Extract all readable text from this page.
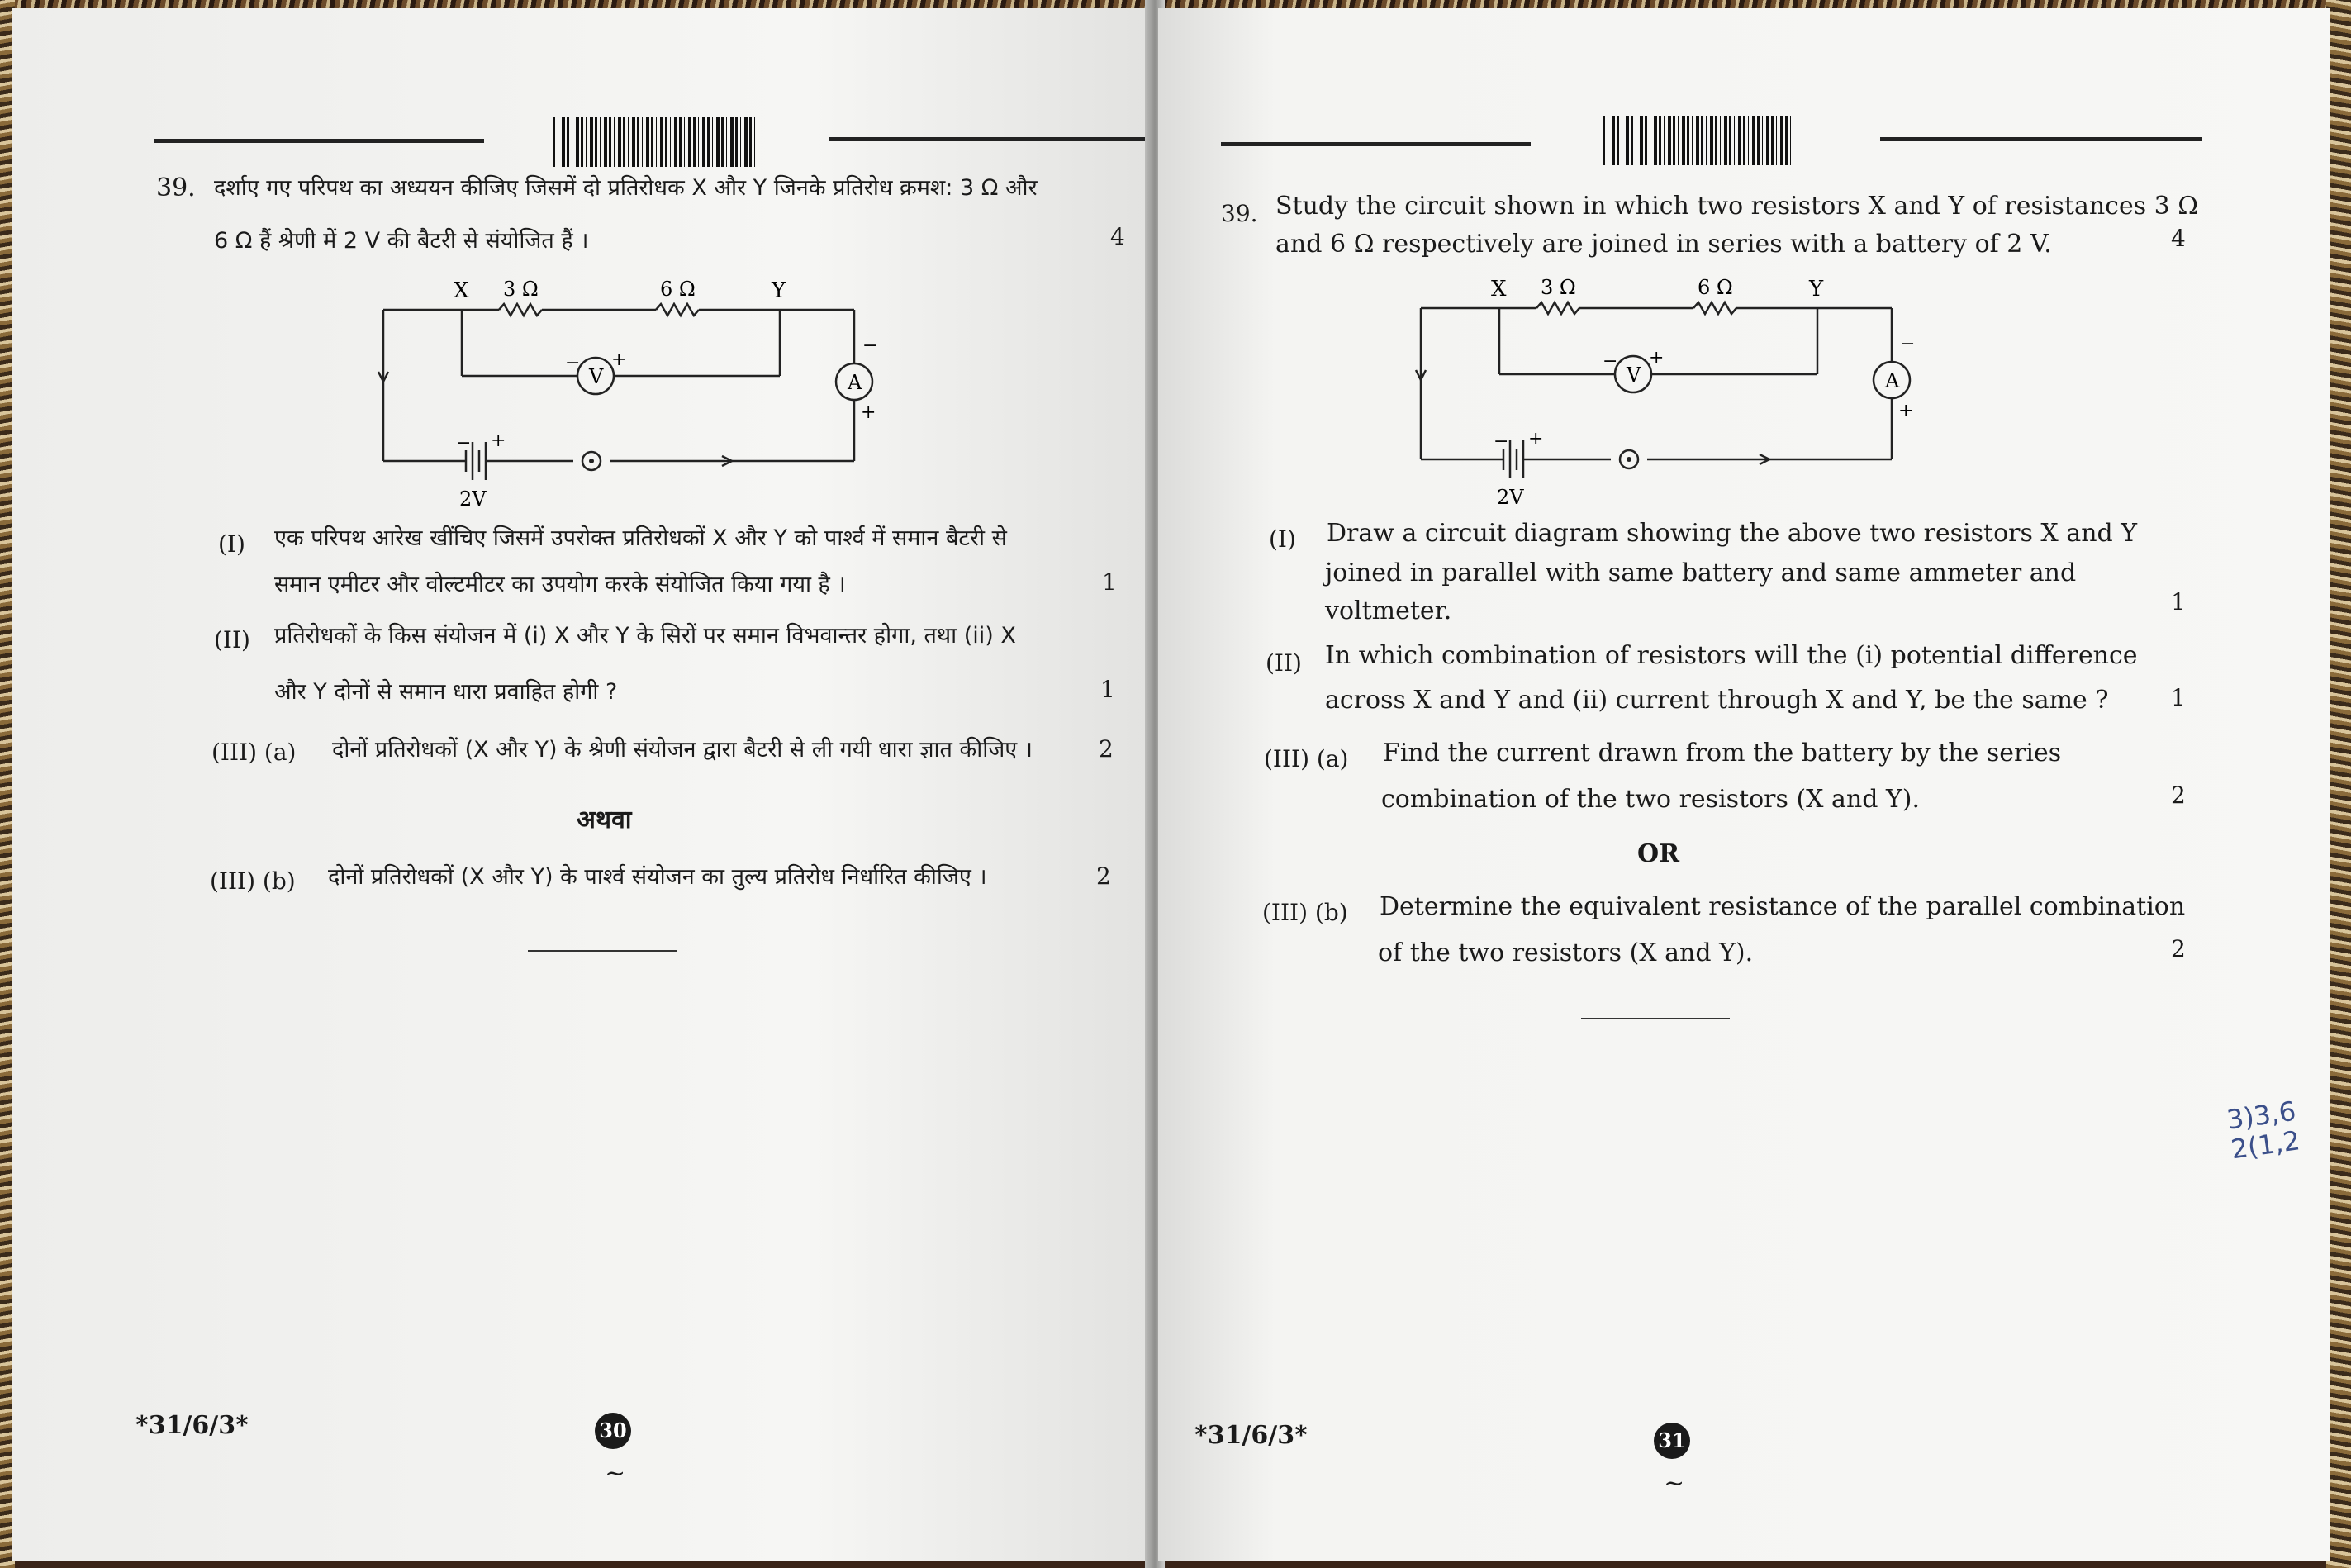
39. दर्शाए गए परिपथ का अध्ययन कीजिए जिसमें दो प्रतिरोधक X और Y जिनके प्रतिरोध क्रमश: 3 Ω और
6 Ω हैं श्रेणी में 2 V की बैटरी से संयोजित हैं ।	4
X	Y
3 Ω	6 Ω
V	A
− +
−
+
− +
2V
(I) एक परिपथ आरेख खींचिए जिसमें उपरोक्त प्रतिरोधकों X और Y को पार्श्व में समान बैटरी से
समान एमीटर और वोल्टमीटर का उपयोग करके संयोजित किया गया है ।	1
(II) प्रतिरोधकों के किस संयोजन में (i) X और Y के सिरों पर समान विभवान्तर होगा, तथा (ii) X
और Y दोनों से समान धारा प्रवाहित होगी ?	1
(III) (a) दोनों प्रतिरोधकों (X और Y) के श्रेणी संयोजन द्वारा बैटरी से ली गयी धारा ज्ञात कीजिए ।	2
अथवा
(III) (b) दोनों प्रतिरोधकों (X और Y) के पार्श्व संयोजन का तुल्य प्रतिरोध निर्धारित कीजिए ।	2
*31/6/3*	30
~
39. Study the circuit shown in which two resistors X and Y of resistances 3 Ω
and 6 Ω respectively are joined in series with a battery of 2 V.	4
X	Y
3 Ω	6 Ω
V	A
− +
−
+
− +
2V
(I) Draw a circuit diagram showing the above two resistors X and Y
joined in parallel with same battery and same ammeter and
voltmeter.	1
(II) In which combination of resistors will the (i) potential difference
across X and Y and (ii) current through X and Y, be the same ?	1
(III) (a) Find the current drawn from the battery by the series
combination of the two resistors (X and Y).	2
OR
(III) (b) Determine the equivalent resistance of the parallel combination
of the two resistors (X and Y).	2
3)3,6
2(1,2
*31/6/3*	31
~
